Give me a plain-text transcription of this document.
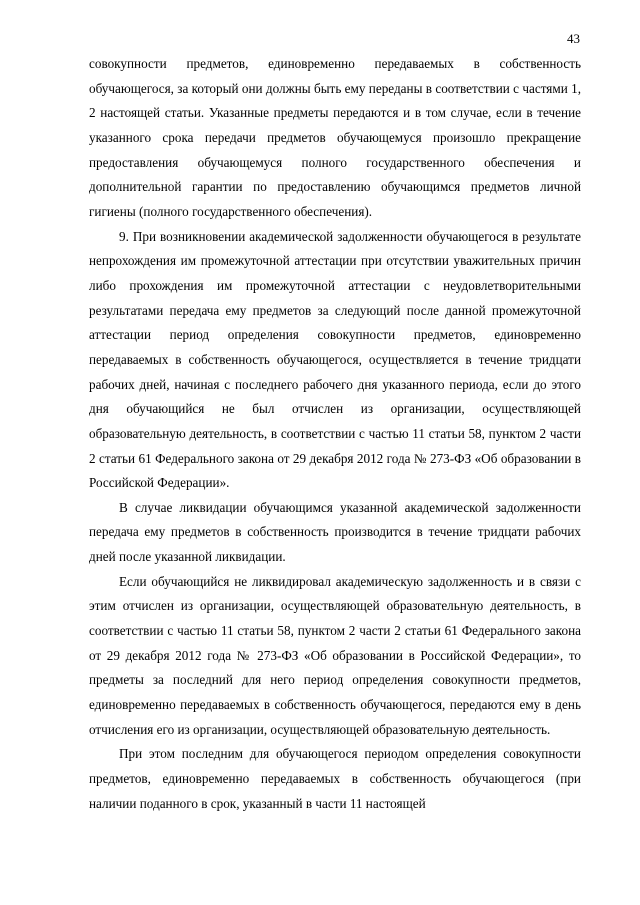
43

совокупности предметов, единовременно передаваемых в собственность обучающегося, за который они должны быть ему переданы в соответствии с частями 1, 2 настоящей статьи. Указанные предметы передаются и в том случае, если в течение указанного срока передачи предметов обучающемуся произошло прекращение предоставления обучающемуся полного государственного обеспечения и дополнительной гарантии по предоставлению обучающимся предметов личной гигиены (полного государственного обеспечения).

9. При возникновении академической задолженности обучающегося в результате непрохождения им промежуточной аттестации при отсутствии уважительных причин либо прохождения им промежуточной аттестации с неудовлетворительными результатами передача ему предметов за следующий после данной промежуточной аттестации период определения совокупности предметов, единовременно передаваемых в собственность обучающегося, осуществляется в течение тридцати рабочих дней, начиная с последнего рабочего дня указанного периода, если до этого дня обучающийся не был отчислен из организации, осуществляющей образовательную деятельность, в соответствии с частью 11 статьи 58, пунктом 2 части 2 статьи 61 Федерального закона от 29 декабря 2012 года № 273-ФЗ «Об образовании в Российской Федерации».

В случае ликвидации обучающимся указанной академической задолженности передача ему предметов в собственность производится в течение тридцати рабочих дней после указанной ликвидации.

Если обучающийся не ликвидировал академическую задолженность и в связи с этим отчислен из организации, осуществляющей образовательную деятельность, в соответствии с частью 11 статьи 58, пунктом 2 части 2 статьи 61 Федерального закона от 29 декабря 2012 года № 273-ФЗ «Об образовании в Российской Федерации», то предметы за последний для него период определения совокупности предметов, единовременно передаваемых в собственность обучающегося, передаются ему в день отчисления его из организации, осуществляющей образовательную деятельность.

При этом последним для обучающегося периодом определения совокупности предметов, единовременно передаваемых в собственность обучающегося (при наличии поданного в срок, указанный в части 11 настоящей
